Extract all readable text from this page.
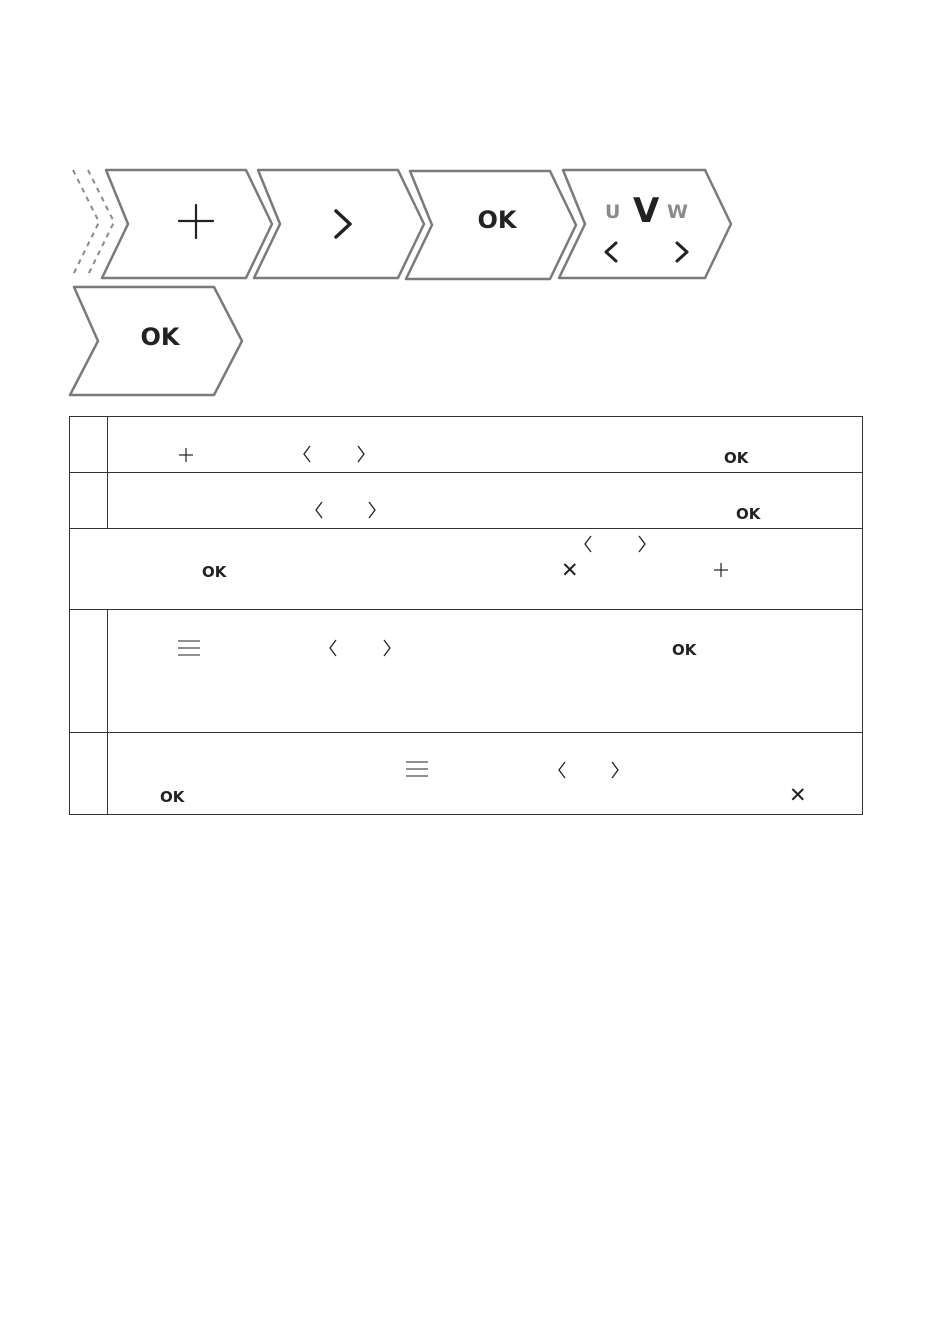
OK
OK
U V W

	OK

	OK

OK ✕	

	OK

	OK ✕
